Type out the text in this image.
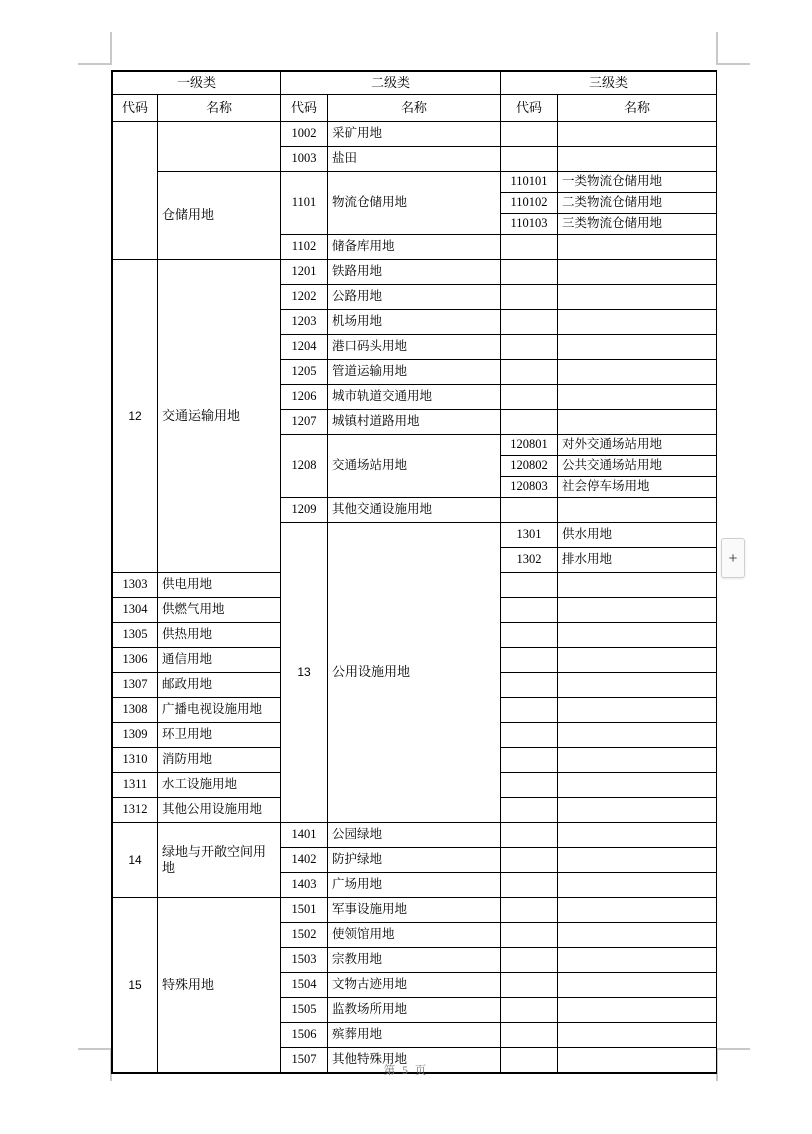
一级类		二级类		三级类		
代码	名称	代码	名称	代码	名称	
		1002	采矿用地			
		1003	盐田			
	仓储用地	1101	物流仓储用地	110101	一类物流仓储用地	
				110102	二类物流仓储用地	
				110103	三类物流仓储用地	
		1102	储备库用地			
12	交通运输用地	1201	铁路用地			
		1202	公路用地			
		1203	机场用地			
		1204	港口码头用地			
		1205	管道运输用地			
		1206	城市轨道交通用地			
		1207	城镇村道路用地			
		1208	交通场站用地	120801	对外交通场站用地	
				120802	公共交通场站用地	
				120803	社会停车场用地	
		1209	其他交通设施用地			
		13	公用设施用地	1301	供水用地		
				1302	排水用地		
1303	供电用地					
1304	供燃气用地					
1305	供热用地					
1306	通信用地					
1307	邮政用地					
1308	广播电视设施用地					
1309	环卫用地					
1310	消防用地					
1311	水工设施用地					
1312	其他公用设施用地					
14	绿地与开敞空间用地	1401	公园绿地			
		1402	防护绿地			
		1403	广场用地			
15	特殊用地	1501	军事设施用地			
		1502	使领馆用地			
		1503	宗教用地			
		1504	文物古迹用地			
		1505	监教场所用地			
		1506	殡葬用地			
		1507	其他特殊用地			
+
第 5 页
